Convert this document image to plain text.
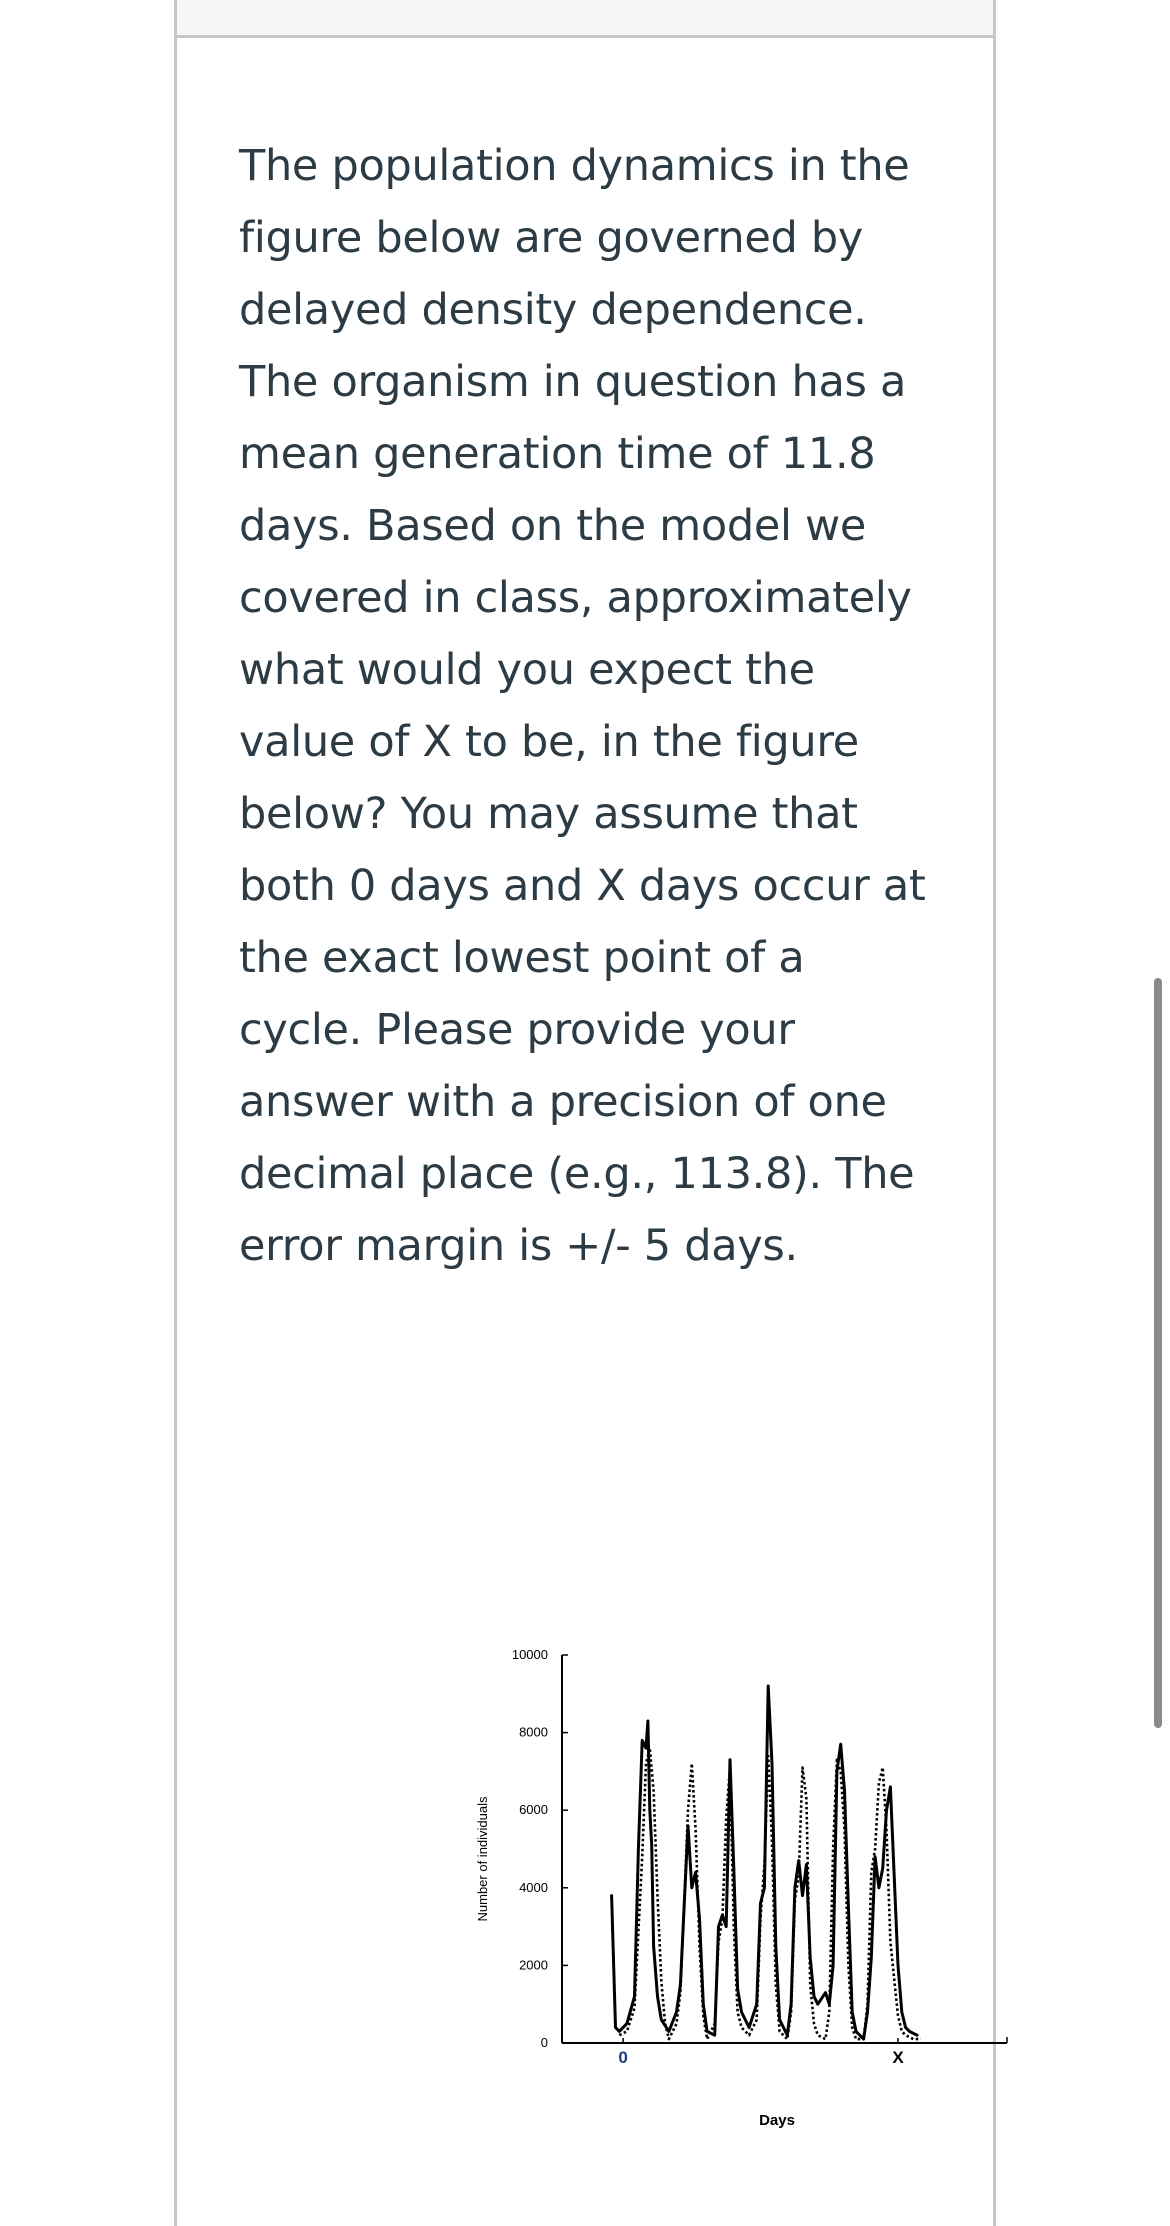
The population dynamics in the figure below are governed by delayed density dependence. The organism in question has a mean generation time of 11.8 days. Based on the model we covered in class, approximately what would you expect the value of X to be, in the figure below? You may assume that both 0 days and X days occur at the exact lowest point of a cycle. Please provide your answer with a precision of one decimal place (e.g., 113.8). The error margin is +/- 5 days.

10000
8000
6000
4000
2000
0
0	X
Number of individuals
Days
